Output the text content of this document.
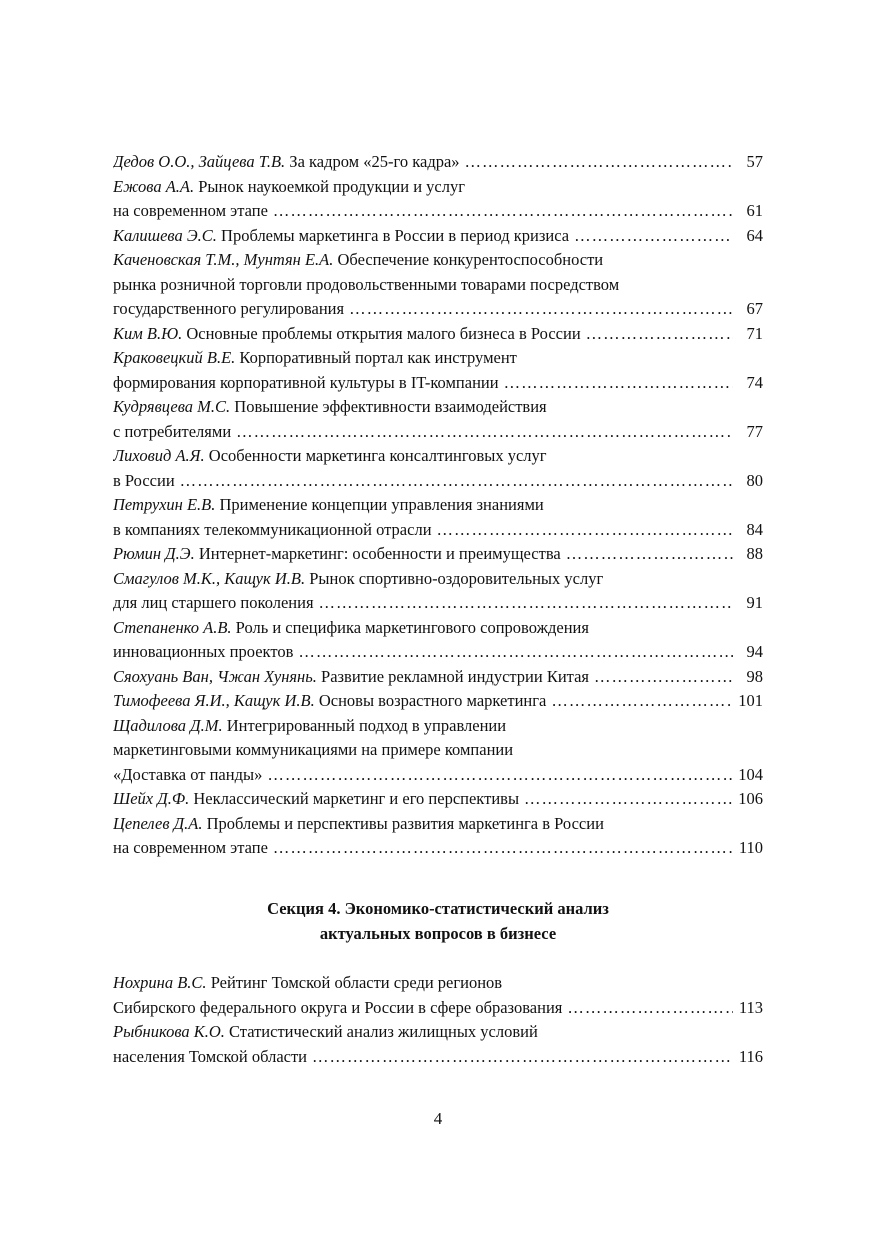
Дедов О.О., Зайцева Т.В. За кадром «25-го кадра» ……………………………………………………………………………………………………………………………………	57
Ежова А.А. Рынок наукоемкой продукции и услуг
на современном этапе ……………………………………………………………………………………………………………………………………	61
Калишева Э.С. Проблемы маркетинга в России в период кризиса ……………………………………………………………………………………………………………………………………	64
Каченовская Т.М., Мунтян Е.А. Обеспечение конкурентоспособности
рынка розничной торговли продовольственными товарами посредством
государственного регулирования ……………………………………………………………………………………………………………………………………	67
Ким В.Ю. Основные проблемы открытия малого бизнеса в России ……………………………………………………………………………………………………………………………………	71
Краковецкий В.Е. Корпоративный портал как инструмент
формирования корпоративной культуры в IT-компании ……………………………………………………………………………………………………………………………………	74
Кудрявцева М.С. Повышение эффективности взаимодействия
с потребителями ……………………………………………………………………………………………………………………………………	77
Лиховид А.Я. Особенности маркетинга консалтинговых услуг
в России ……………………………………………………………………………………………………………………………………	80
Петрухин Е.В. Применение концепции управления знаниями
в компаниях телекоммуникационной отрасли ……………………………………………………………………………………………………………………………………	84
Рюмин Д.Э. Интернет-маркетинг: особенности и преимущества ……………………………………………………………………………………………………………………………………	88
Смагулов М.К., Кащук И.В. Рынок спортивно-оздоровительных услуг
для лиц старшего поколения ……………………………………………………………………………………………………………………………………	91
Степаненко А.В. Роль и специфика маркетингового сопровождения
инновационных проектов ……………………………………………………………………………………………………………………………………	94
Сяохуань Ван, Чжан Хунянь. Развитие рекламной индустрии Китая ……………………………………………………………………………………………………………………………………	98
Тимофеева Я.И., Кащук И.В. Основы возрастного маркетинга ……………………………………………………………………………………………………………………………………	101
Щадилова Д.М. Интегрированный подход в управлении
маркетинговыми коммуникациями на примере компании
«Доставка от панды» ……………………………………………………………………………………………………………………………………	104
Шейх Д.Ф. Неклассический маркетинг и его перспективы ……………………………………………………………………………………………………………………………………	106
Цепелев Д.А. Проблемы и перспективы развития маркетинга в России
на современном этапе ……………………………………………………………………………………………………………………………………	110
Секция 4. Экономико-статистический анализ
актуальных вопросов в бизнесе
Нохрина В.С. Рейтинг Томской области среди регионов
Сибирского федерального округа и России в сфере образования ……………………………………………………………………………………………………………………………………	113
Рыбникова К.О. Статистический анализ жилищных условий
населения Томской области ……………………………………………………………………………………………………………………………………	116
4
